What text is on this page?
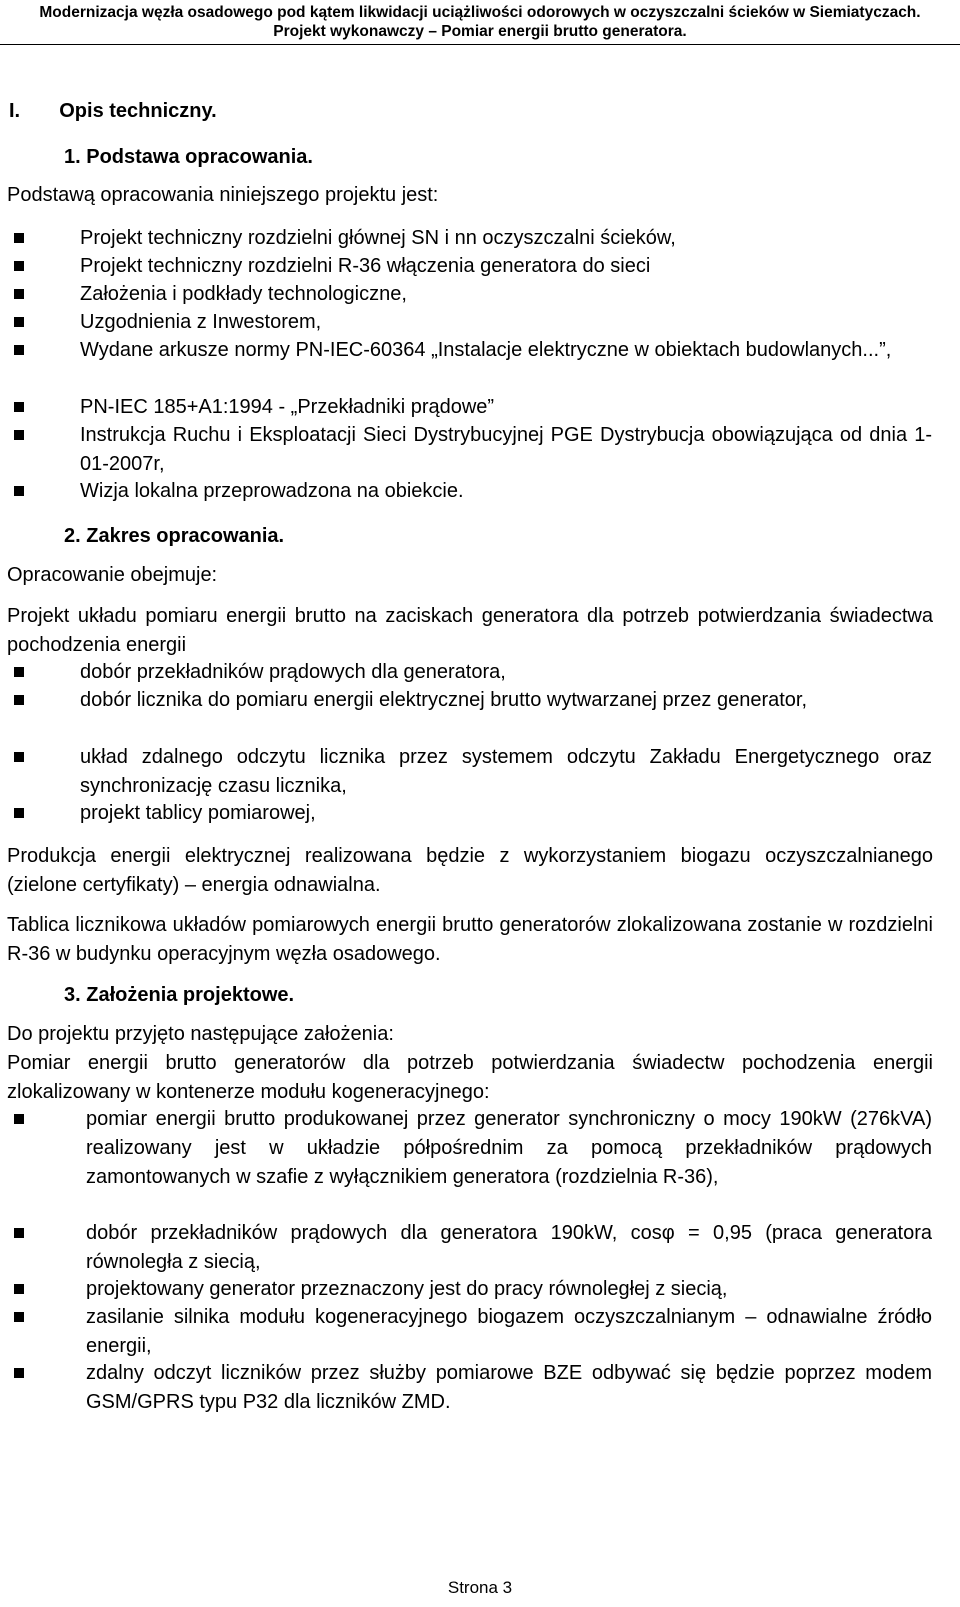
Modernizacja węzła osadowego pod kątem likwidacji uciążliwości odorowych w oczyszczalni ścieków w Siemiatyczach.
Projekt wykonawczy – Pomiar energii brutto generatora.
I. Opis techniczny.
1. Podstawa opracowania.
Podstawą opracowania niniejszego projektu jest:
Projekt techniczny rozdzielni głównej SN i nn oczyszczalni ścieków,
Projekt techniczny rozdzielni R-36 włączenia generatora do sieci
Założenia i podkłady technologiczne,
Uzgodnienia z Inwestorem,
Wydane arkusze normy PN-IEC-60364 „Instalacje elektryczne w obiektach budowlanych...”,
PN-IEC 185+A1:1994 - „Przekładniki prądowe”
Instrukcja Ruchu i Eksploatacji Sieci Dystrybucyjnej PGE Dystrybucja obowiązująca od dnia 1-01-2007r,
Wizja lokalna przeprowadzona na obiekcie.
2. Zakres opracowania.
Opracowanie obejmuje:
Projekt układu pomiaru energii brutto na zaciskach generatora dla potrzeb potwierdzania świadectwa pochodzenia energii
dobór przekładników prądowych dla generatora,
dobór licznika do pomiaru energii elektrycznej brutto wytwarzanej przez generator,
układ zdalnego odczytu licznika przez systemem odczytu Zakładu Energetycznego oraz synchronizację czasu licznika,
projekt tablicy pomiarowej,
Produkcja energii elektrycznej realizowana będzie z wykorzystaniem biogazu oczyszczalnianego (zielone certyfikaty) – energia odnawialna.
Tablica licznikowa układów pomiarowych energii brutto generatorów zlokalizowana zostanie w rozdzielni R-36 w budynku operacyjnym węzła osadowego.
3. Założenia projektowe.
Do projektu przyjęto następujące założenia:
Pomiar energii brutto generatorów dla potrzeb potwierdzania świadectw pochodzenia energii zlokalizowany w kontenerze modułu kogeneracyjnego:
pomiar energii brutto produkowanej przez generator synchroniczny o mocy 190kW (276kVA) realizowany jest w układzie półpośrednim za pomocą przekładników prądowych zamontowanych w szafie z wyłącznikiem generatora (rozdzielnia R-36),
dobór przekładników prądowych dla generatora 190kW, cosφ = 0,95 (praca generatora równoległa z siecią,
projektowany generator przeznaczony jest do pracy równoległej z siecią,
zasilanie silnika modułu kogeneracyjnego biogazem oczyszczalnianym – odnawialne źródło energii,
zdalny odczyt liczników przez służby pomiarowe BZE odbywać się będzie poprzez modem GSM/GPRS typu P32 dla liczników ZMD.
Strona 3
